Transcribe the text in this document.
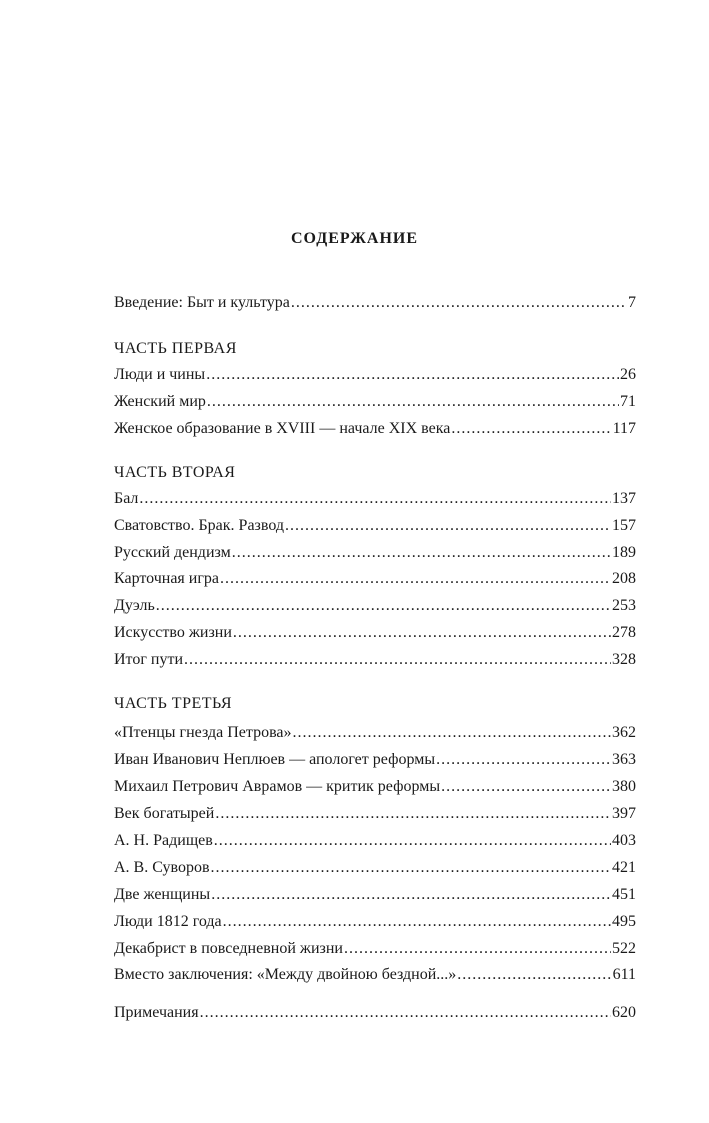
СОДЕРЖАНИЕ
Введение: Быт и культура .....	7
ЧАСТЬ ПЕРВАЯ
Люди и чины .....	26
Женский мир .....	71
Женское образование в XVIII — начале XIX века .....	117
ЧАСТЬ ВТОРАЯ
Бал .....	137
Сватовство. Брак. Развод .....	157
Русский дендизм .....	189
Карточная игра .....	208
Дуэль .....	253
Искусство жизни .....	278
Итог пути .....	328
ЧАСТЬ ТРЕТЬЯ
«Птенцы гнезда Петрова» .....	362
Иван Иванович Неплюев — апологет реформы .....	363
Михаил Петрович Аврамов — критик реформы .....	380
Век богатырей .....	397
А. Н. Радищев .....	403
А. В. Суворов .....	421
Две женщины .....	451
Люди 1812 года .....	495
Декабрист в повседневной жизни .....	522
Вместо заключения: «Между двойною бездной...» .....	611
Примечания .....	620
